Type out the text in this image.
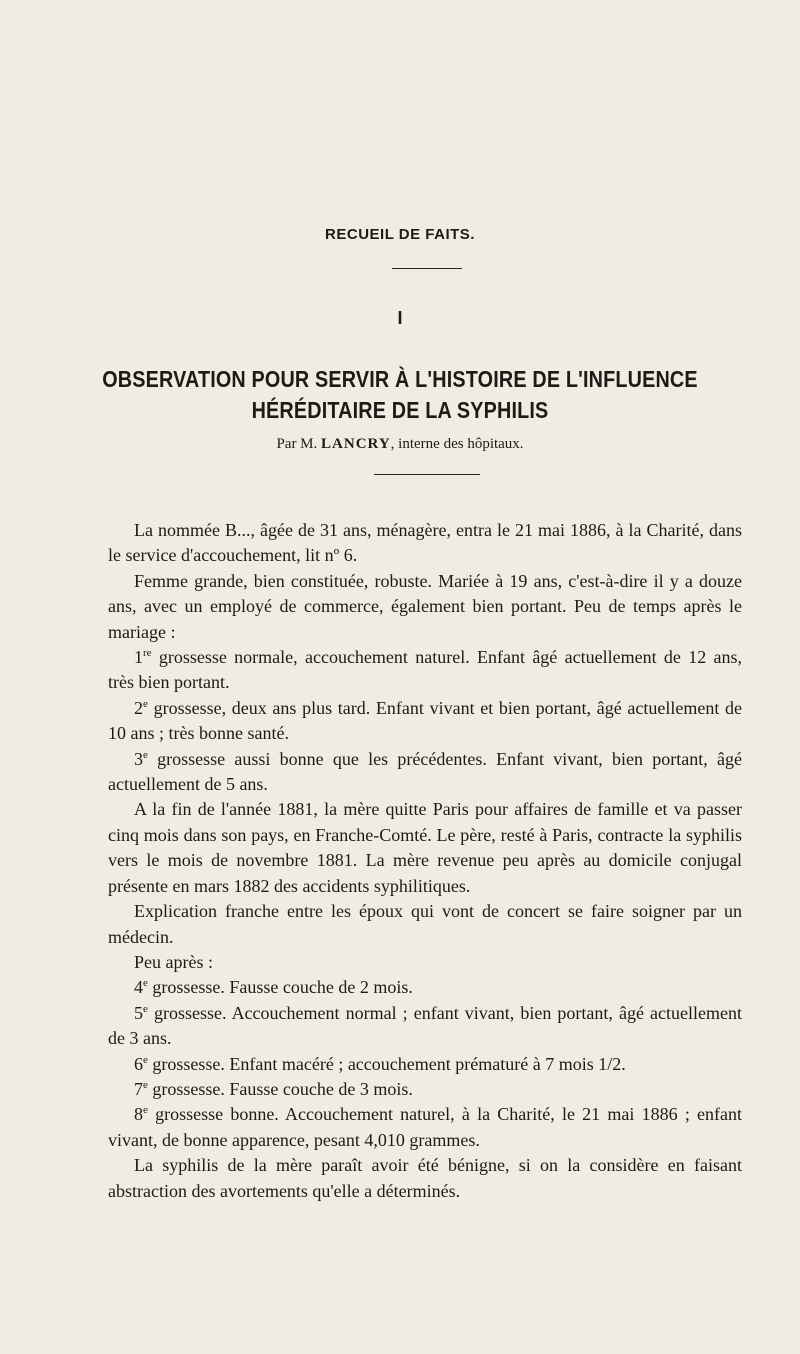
RECUEIL DE FAITS.
I
OBSERVATION POUR SERVIR À L'HISTOIRE DE L'INFLUENCE
HÉRÉDITAIRE DE LA SYPHILIS
Par M. LANCRY, interne des hôpitaux.

La nommée B..., âgée de 31 ans, ménagère, entra le 21 mai 1886, à la Charité, dans le service d'accouchement, lit nº 6.

Femme grande, bien constituée, robuste. Mariée à 19 ans, c'est-à-dire il y a douze ans, avec un employé de commerce, également bien portant. Peu de temps après le mariage :

1re grossesse normale, accouchement naturel. Enfant âgé actuellement de 12 ans, très bien portant.

2e grossesse, deux ans plus tard. Enfant vivant et bien portant, âgé actuellement de 10 ans ; très bonne santé.

3e grossesse aussi bonne que les précédentes. Enfant vivant, bien portant, âgé actuellement de 5 ans.

A la fin de l'année 1881, la mère quitte Paris pour affaires de famille et va passer cinq mois dans son pays, en Franche-Comté. Le père, resté à Paris, contracte la syphilis vers le mois de novembre 1881. La mère revenue peu après au domicile conjugal présente en mars 1882 des accidents syphilitiques.

Explication franche entre les époux qui vont de concert se faire soigner par un médecin.

Peu après :

4e grossesse. Fausse couche de 2 mois.

5e grossesse. Accouchement normal ; enfant vivant, bien portant, âgé actuellement de 3 ans.

6e grossesse. Enfant macéré ; accouchement prématuré à 7 mois 1/2.

7e grossesse. Fausse couche de 3 mois.

8e grossesse bonne. Accouchement naturel, à la Charité, le 21 mai 1886 ; enfant vivant, de bonne apparence, pesant 4,010 grammes.

La syphilis de la mère paraît avoir été bénigne, si on la considère en faisant abstraction des avortements qu'elle a déterminés.
